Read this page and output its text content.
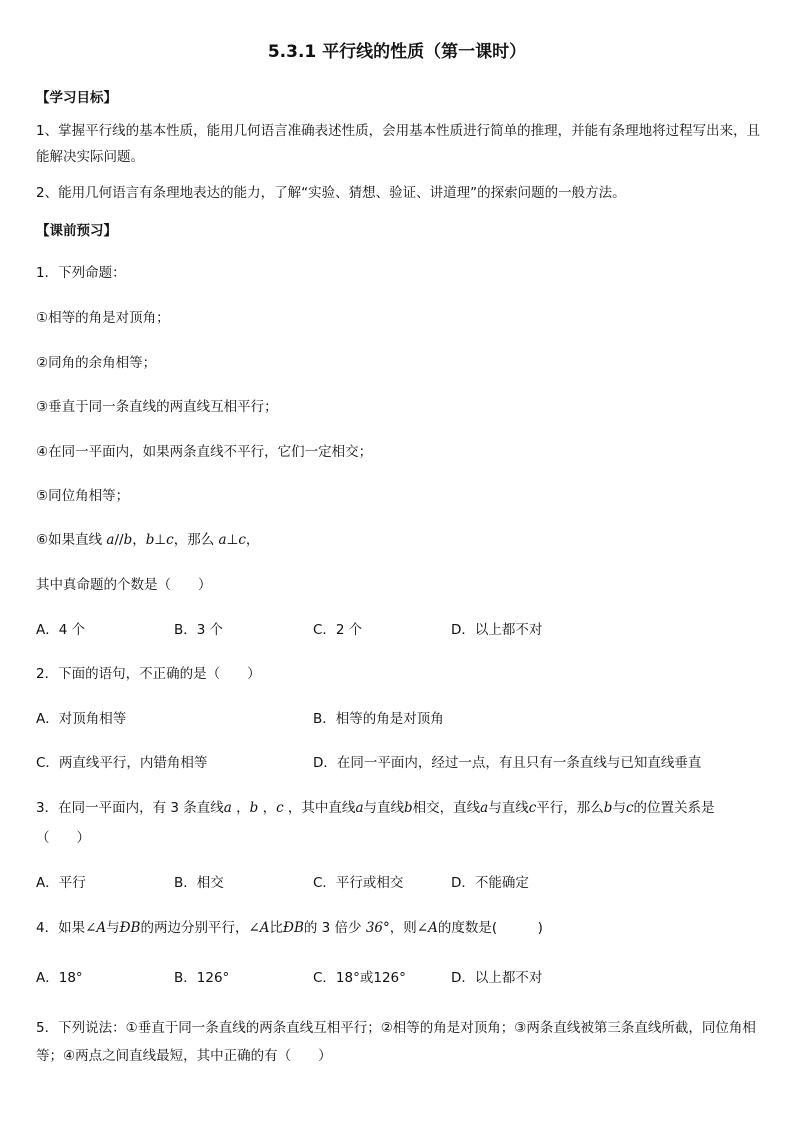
5.3.1 平行线的性质（第一课时）
【学习目标】
1、掌握平行线的基本性质，能用几何语言准确表述性质，会用基本性质进行简单的推理，并能有条理地将过程写出来，且能解决实际问题。
2、能用几何语言有条理地表达的能力，了解“实验、猜想、验证、讲道理”的探索问题的一般方法。
【课前预习】
1．下列命题：
①相等的角是对顶角；
②同角的余角相等；
③垂直于同一条直线的两直线互相平行；
④在同一平面内，如果两条直线不平行，它们一定相交；
⑤同位角相等；
⑥如果直线 a//b，b⊥c，那么 a⊥c，
其中真命题的个数是（　　）
A．4 个	B．3 个	C．2 个	D．以上都不对
2．下面的语句，不正确的是（　　）
A．对顶角相等	B．相等的角是对顶角
C．两直线平行，内错角相等	D．在同一平面内，经过一点，有且只有一条直线与已知直线垂直
3．在同一平面内，有 3 条直线a ，b ，c ，其中直线a与直线b相交，直线a与直线c平行，那么b与c的位置关系是
（　　）
A．平行	B．相交	C．平行或相交	D．不能确定
4．如果∠A与ÐB的两边分别平行，∠A比ÐB的 3 倍少 36°，则∠A的度数是(　　　)
A．18°	B．126°	C．18°或126°	D．以上都不对
5．下列说法：①垂直于同一条直线的两条直线互相平行；②相等的角是对顶角；③两条直线被第三条直线所截，同位角相等；④两点之间直线最短，其中正确的有（　　）
